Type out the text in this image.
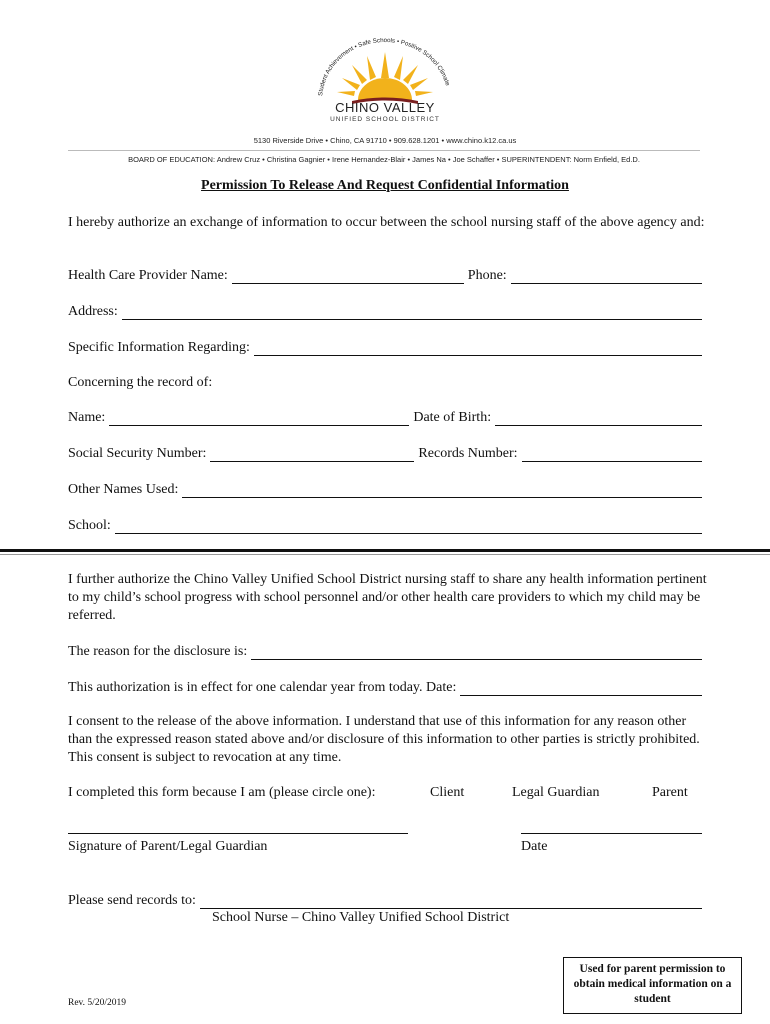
Student Achievement • Safe Schools • Positive School Climate
CHINO VALLEY
UNIFIED SCHOOL DISTRICT
5130 Riverside Drive • Chino, CA 91710 • 909.628.1201 • www.chino.k12.ca.us
BOARD OF EDUCATION: Andrew Cruz • Christina Gagnier • Irene Hernandez-Blair • James Na • Joe Schaffer • SUPERINTENDENT: Norm Enfield, Ed.D.
Permission To Release And Request Confidential Information
I hereby authorize an exchange of information to occur between the school nursing staff of the above agency and:
Health Care Provider Name:	Phone:
Address:
Specific Information Regarding:
Concerning the record of:
Name:	Date of Birth:
Social Security Number:	Records Number:
Other Names Used:
School:
I further authorize the Chino Valley Unified School District nursing staff to share any health information pertinent to my child’s school progress with school personnel and/or other health care providers to which my child may be referred.
The reason for the disclosure is:
This authorization is in effect for one calendar year from today. Date:
I consent to the release of the above information. I understand that use of this information for any reason other than the expressed reason stated above and/or disclosure of this information to other parties is strictly prohibited. This consent is subject to revocation at any time.
I completed this form because I am (please circle one):	Client	Legal Guardian	Parent
Signature of Parent/Legal Guardian	Date
Please send records to:
School Nurse – Chino Valley Unified School District
Used for parent permission to obtain medical information on a student
Rev. 5/20/2019
